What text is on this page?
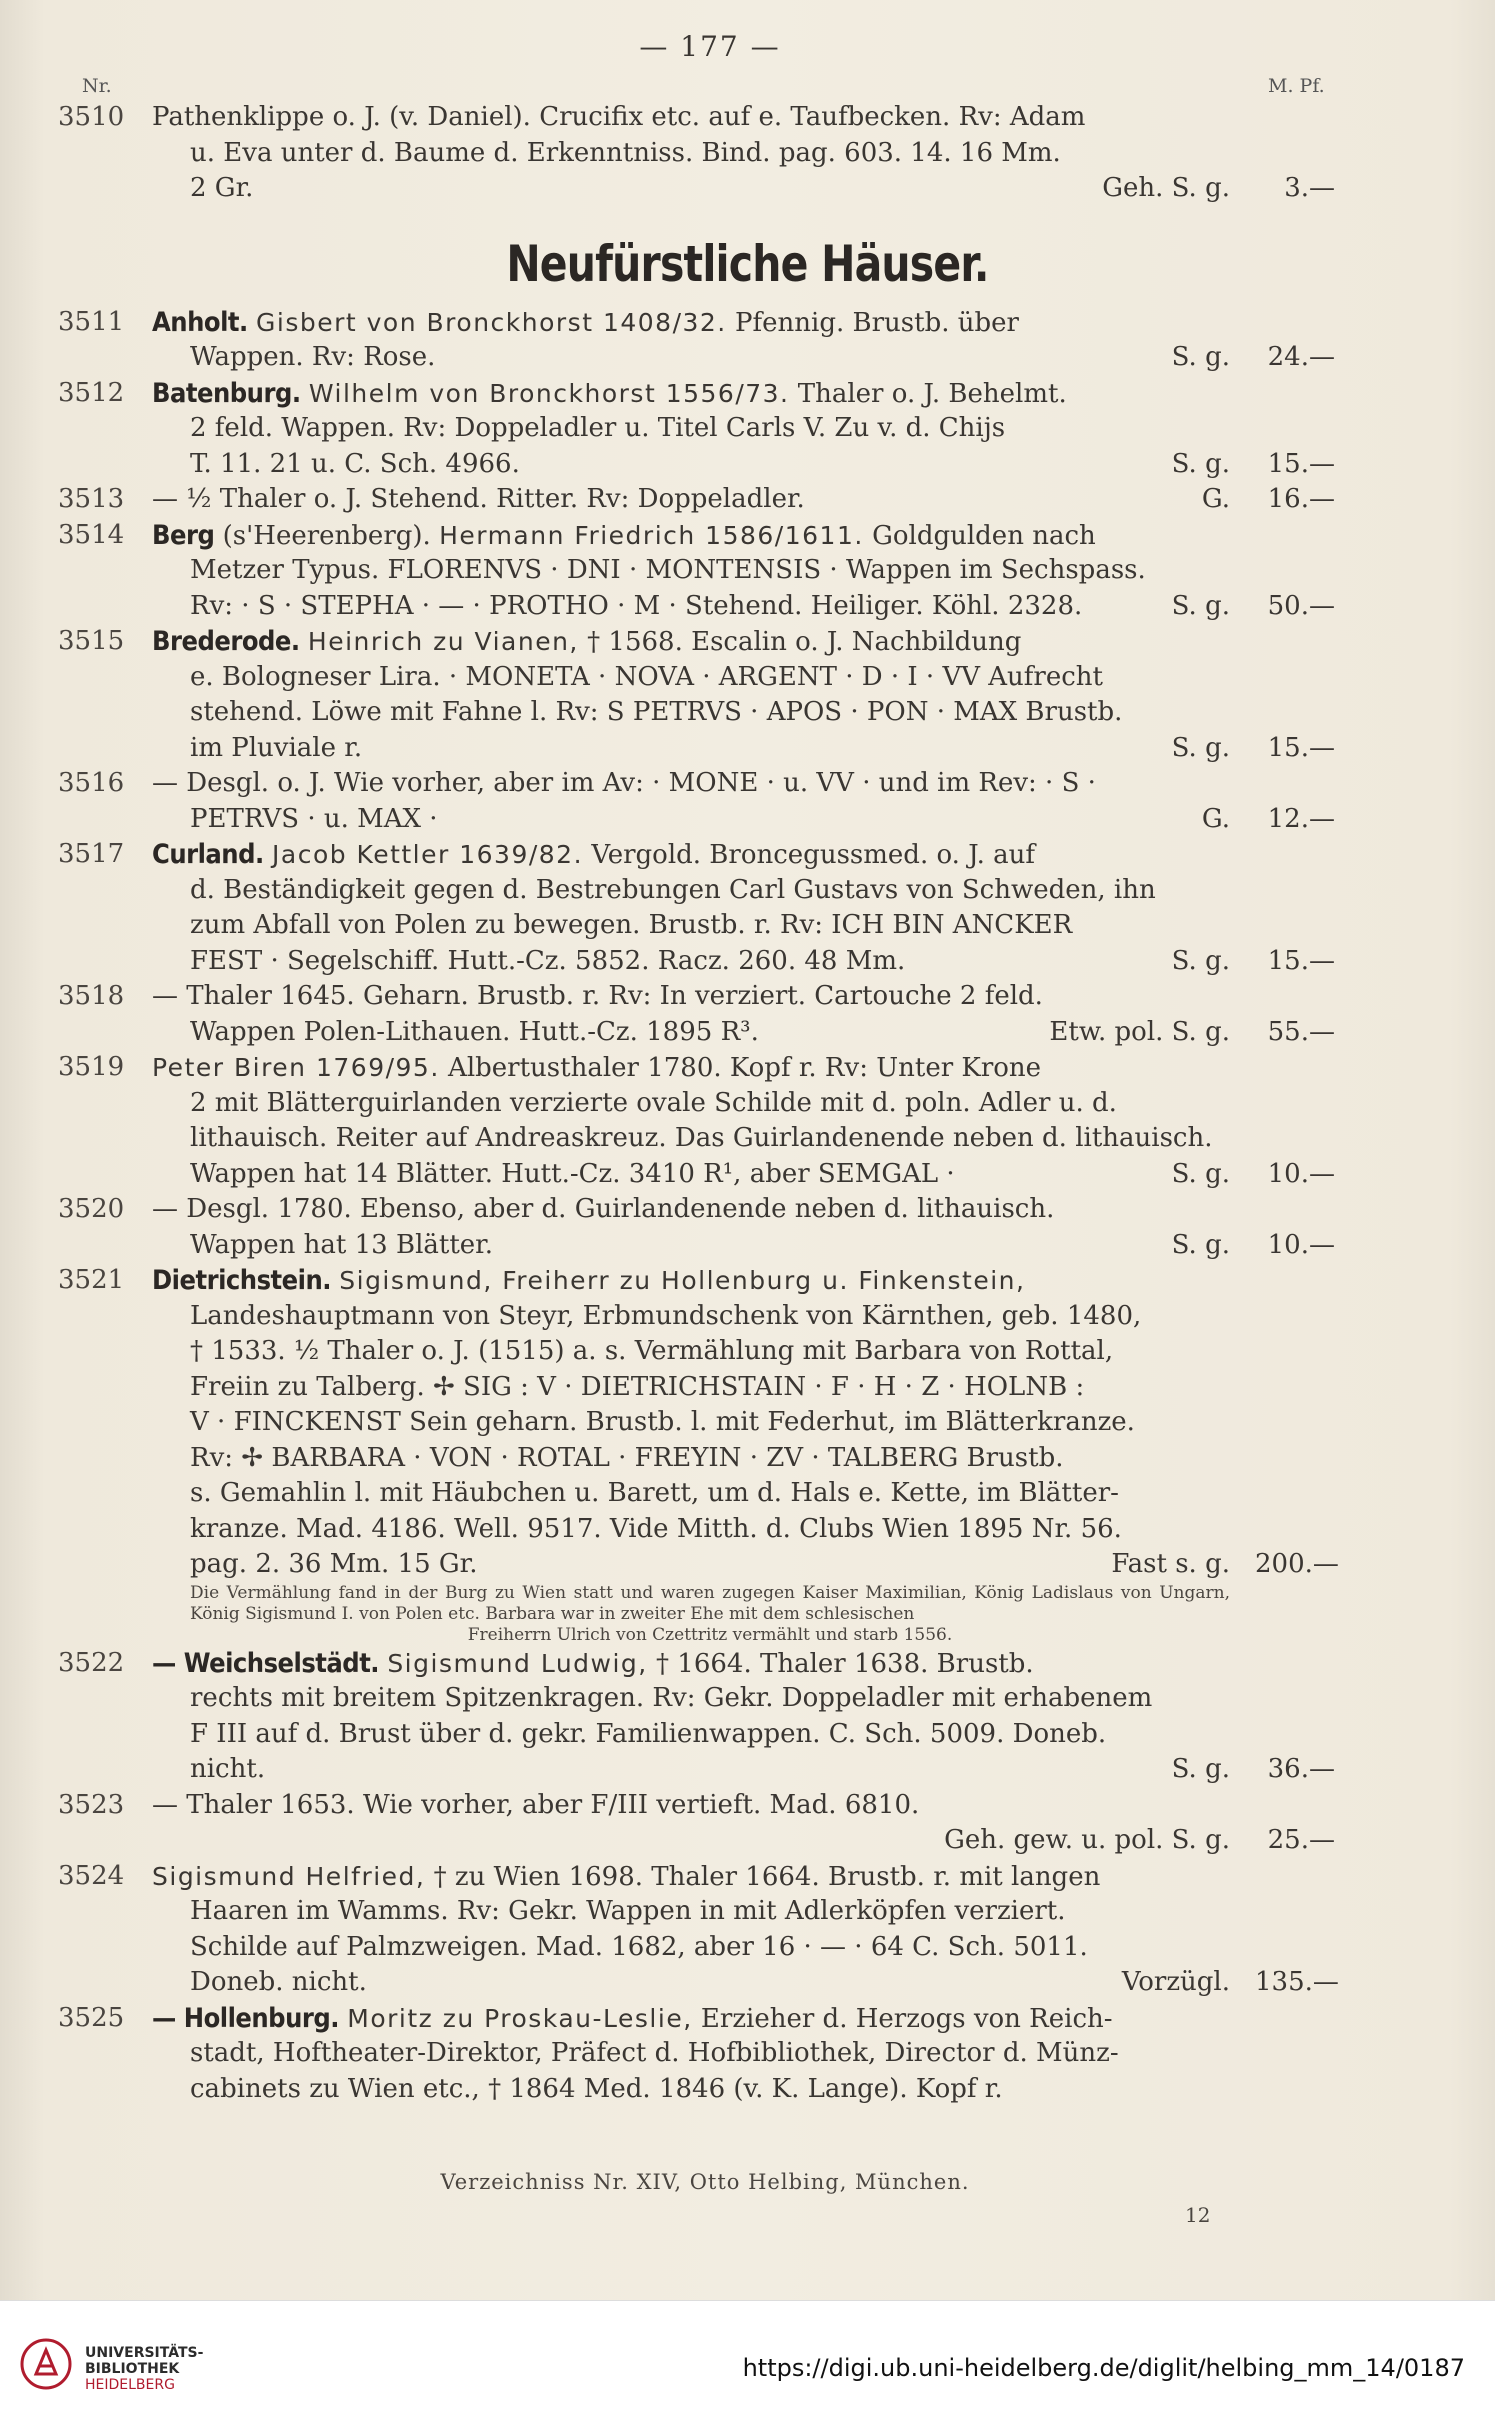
— 177 —
Nr.	M. Pf.
3510	Pathenklippe o. J. (v. Daniel). Crucifix etc. auf e. Taufbecken. Rv: Adam
u. Eva unter d. Baume d. Erkenntniss. Bind. pag. 603. 14. 16 Mm.
2 Gr.	Geh. S. g.	3.—
Neufürstliche Häuser.
3511	Anholt. Gisbert von Bronckhorst 1408/32. Pfennig. Brustb. über
Wappen. Rv: Rose.	S. g.	24.—
3512	Batenburg. Wilhelm von Bronckhorst 1556/73. Thaler o. J. Behelmt.
2 feld. Wappen. Rv: Doppeladler u. Titel Carls V. Zu v. d. Chijs
T. 11. 21 u. C. Sch. 4966.	S. g.	15.—
3513	— ½ Thaler o. J. Stehend. Ritter. Rv: Doppeladler.	G.	16.—
3514	Berg (s'Heerenberg). Hermann Friedrich 1586/1611. Goldgulden nach
Metzer Typus. FLORENVS · DNI · MONTENSIS · Wappen im Sechspass.
Rv: · S · STEPHA · — · PROTHO · M · Stehend. Heiliger. Köhl. 2328.	S. g.	50.—
3515	Brederode. Heinrich zu Vianen, † 1568. Escalin o. J. Nachbildung
e. Bologneser Lira. · MONETA · NOVA · ARGENT · D · I · VV Aufrecht
stehend. Löwe mit Fahne l. Rv: S PETRVS · APOS · PON · MAX Brustb.
im Pluviale r.	S. g.	15.—
3516	— Desgl. o. J. Wie vorher, aber im Av: · MONE · u. VV · und im Rev: · S ·
PETRVS · u. MAX ·	G.	12.—
3517	Curland. Jacob Kettler 1639/82. Vergold. Broncegussmed. o. J. auf
d. Beständigkeit gegen d. Bestrebungen Carl Gustavs von Schweden, ihn
zum Abfall von Polen zu bewegen. Brustb. r. Rv: ICH BIN ANCKER
FEST · Segelschiff. Hutt.-Cz. 5852. Racz. 260. 48 Mm.	S. g.	15.—
3518	— Thaler 1645. Geharn. Brustb. r. Rv: In verziert. Cartouche 2 feld.
Wappen Polen-Lithauen. Hutt.-Cz. 1895 R³.	Etw. pol. S. g.	55.—
3519	Peter Biren 1769/95. Albertusthaler 1780. Kopf r. Rv: Unter Krone
2 mit Blätterguirlanden verzierte ovale Schilde mit d. poln. Adler u. d.
lithauisch. Reiter auf Andreaskreuz. Das Guirlandenende neben d. lithauisch.
Wappen hat 14 Blätter. Hutt.-Cz. 3410 R¹, aber SEMGAL ·	S. g.	10.—
3520	— Desgl. 1780. Ebenso, aber d. Guirlandenende neben d. lithauisch.
Wappen hat 13 Blätter.	S. g.	10.—
3521	Dietrichstein. Sigismund, Freiherr zu Hollenburg u. Finkenstein,
Landeshauptmann von Steyr, Erbmundschenk von Kärnthen, geb. 1480,
† 1533. ½ Thaler o. J. (1515) a. s. Vermählung mit Barbara von Rottal,
Freiin zu Talberg. ✢ SIG : V · DIETRICHSTAIN · F · H · Z · HOLNB :
V · FINCKENST Sein geharn. Brustb. l. mit Federhut, im Blätterkranze.
Rv: ✢ BARBARA · VON · ROTAL · FREYIN · ZV · TALBERG Brustb.
s. Gemahlin l. mit Häubchen u. Barett, um d. Hals e. Kette, im Blätter-
kranze. Mad. 4186. Well. 9517. Vide Mitth. d. Clubs Wien 1895 Nr. 56.
pag. 2. 36 Mm. 15 Gr.	Fast s. g. 200.—
Die Vermählung fand in der Burg zu Wien statt und waren zugegen Kaiser Maximilian, König Ladislaus von Ungarn, König Sigismund I. von Polen etc. Barbara war in zweiter Ehe mit dem schlesischen
Freiherrn Ulrich von Czettritz vermählt und starb 1556.
3522	— Weichselstädt. Sigismund Ludwig, † 1664. Thaler 1638. Brustb.
rechts mit breitem Spitzenkragen. Rv: Gekr. Doppeladler mit erhabenem
F III auf d. Brust über d. gekr. Familienwappen. C. Sch. 5009. Doneb.
nicht.	S. g.	36.—
3523	— Thaler 1653. Wie vorher, aber F/III vertieft. Mad. 6810.
Geh. gew. u. pol. S. g.	25.—
3524	Sigismund Helfried, † zu Wien 1698. Thaler 1664. Brustb. r. mit langen
Haaren im Wamms. Rv: Gekr. Wappen in mit Adlerköpfen verziert.
Schilde auf Palmzweigen. Mad. 1682, aber 16 · — · 64 C. Sch. 5011.
Doneb. nicht.	Vorzügl. 135.—
3525	— Hollenburg. Moritz zu Proskau-Leslie, Erzieher d. Herzogs von Reich-
stadt, Hoftheater-Direktor, Präfect d. Hofbibliothek, Director d. Münz-
cabinets zu Wien etc., † 1864 Med. 1846 (v. K. Lange). Kopf r.
Verzeichniss Nr. XIV, Otto Helbing, München.
12
UNIVERSITÄTS-
BIBLIOTHEK
HEIDELBERG
https://digi.ub.uni-heidelberg.de/diglit/helbing_mm_14/0187
